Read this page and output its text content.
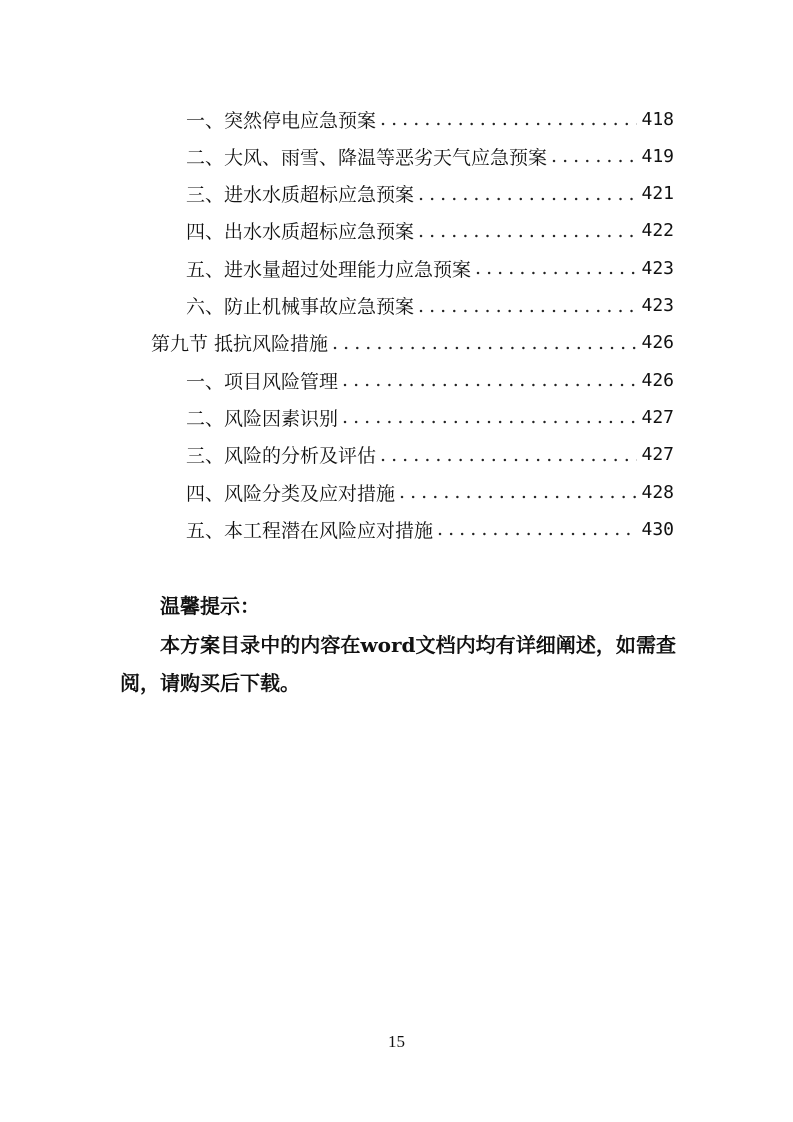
一、突然停电应急预案 . . .	418
二、大风、雨雪、降温等恶劣天气应急预案 . . .	419
三、进水水质超标应急预案 . . .	421
四、出水水质超标应急预案 . . .	422
五、进水量超过处理能力应急预案 . . .	423
六、防止机械事故应急预案 . . .	423
第九节 抵抗风险措施 . . .	426
一、项目风险管理 . . .	426
二、风险因素识别 . . .	427
三、风险的分析及评估 . . .	427
四、风险分类及应对措施 . . .	428
五、本工程潜在风险应对措施 . . .	430
温馨提示：
本方案目录中的内容在word文档内均有详细阐述，如需查阅，请购买后下载。
15
